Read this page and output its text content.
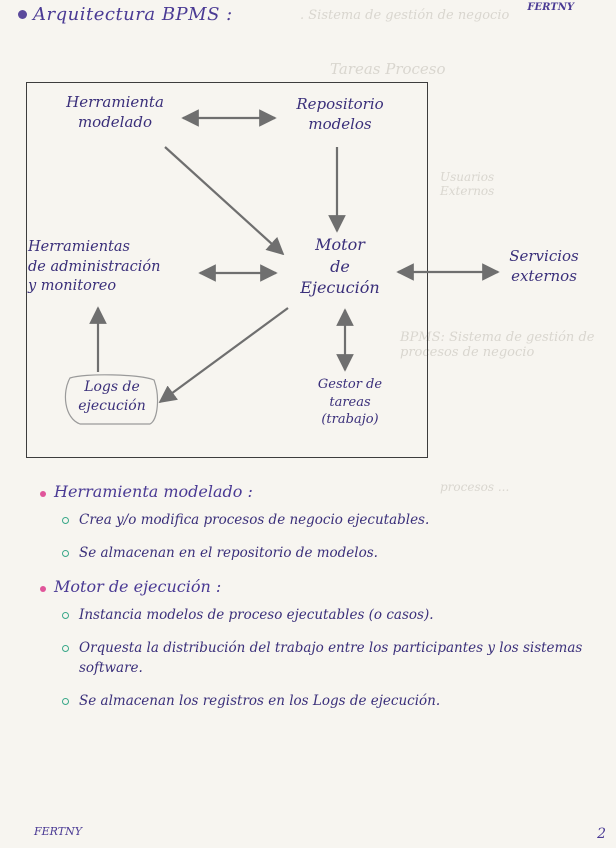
. Sistema de gestión de negocio
Tareas Proceso
Usuarios
Externos
BPMS: Sistema de gestión de procesos de negocio
procesos ...
Arquitectura BPMS :	FERTNY
Herramienta
modelado
Repositorio
modelos
Herramientas
de administración
y monitoreo
Motor
de
Ejecución
Servicios
externos
Logs de
ejecución
Gestor de
tareas
(trabajo)
Herramienta modelado :
Crea y/o modifica procesos de negocio ejecutables.
Se almacenan en el repositorio de modelos.
Motor de ejecución :
Instancia modelos de proceso ejecutables (o casos).
Orquesta la distribución del trabajo entre los participantes y los sistemas software.
Se almacenan los registros en los Logs de ejecución.
FERTNY	2
